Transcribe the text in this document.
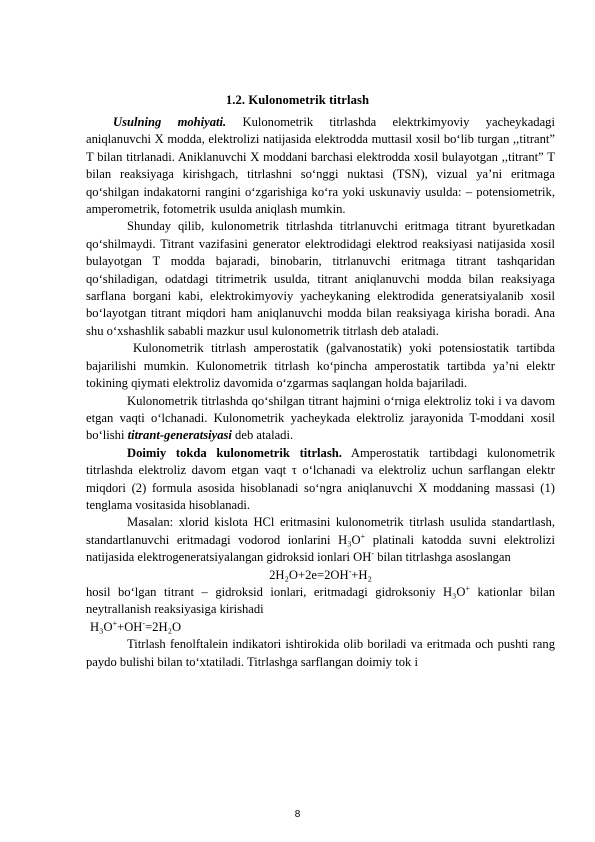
1.2. Kulonometrik titrlash

Usulning mohiyati. Kulonometrik titrlashda elektrkimyoviy yacheykadagi aniqlanuvchi X modda, elektrolizi natijasida elektrodda muttasil xosil bo‘lib turgan ,,titrant” T bilan titrlanadi. Aniklanuvchi X moddani barchasi elektrodda xosil bulayotgan ,,titrant” T bilan reaksiyaga kirishgach, titrlashni so‘nggi nuktasi (TSN), vizual ya’ni eritmaga qo‘shilgan indakatorni rangini o‘zgarishiga ko‘ra yoki uskunaviy usulda: – potensiometrik, amperometrik, fotometrik usulda aniqlash mumkin.

Shunday qilib, kulonometrik titrlashda titrlanuvchi eritmaga titrant byuretkadan qo‘shilmaydi. Titrant vazifasini generator elektrodidagi elektrod reaksiyasi natijasida xosil bulayotgan T modda bajaradi, binobarin, titrlanuvchi eritmaga titrant tashqaridan qo‘shiladigan, odatdagi titrimetrik usulda, titrant aniqlanuvchi modda bilan reaksiyaga sarflana borgani kabi, elektrokimyoviy yacheykaning elektrodida generatsiyalanib xosil bo‘layotgan titrant miqdori ham aniqlanuvchi modda bilan reaksiyaga kirisha boradi. Ana shu o‘xshashlik sababli mazkur usul kulonometrik titrlash deb ataladi.

Kulonometrik titrlash amperostatik (galvanostatik) yoki potensiostatik tartibda bajarilishi mumkin. Kulonometrik titrlash ko‘pincha amperostatik tartibda ya’ni elektr tokining qiymati elektroliz davomida o‘zgarmas saqlangan holda bajariladi.

Kulonometrik titrlashda qo‘shilgan titrant hajmini o‘rniga elektroliz toki i va davom etgan vaqti o‘lchanadi. Kulonometrik yacheykada elektroliz jarayonida T-moddani xosil bo‘lishi titrant-generatsiyasi deb ataladi.

Doimiy tokda kulonometrik titrlash. Amperostatik tartibdagi kulonometrik titrlashda elektroliz davom etgan vaqt τ o‘lchanadi va elektroliz uchun sarflangan elektr miqdori (2) formula asosida hisoblanadi so‘ngra aniqlanuvchi X moddaning massasi (1) tenglama vositasida hisoblanadi.

Masalan: xlorid kislota HCl eritmasini kulonometrik titrlash usulida standartlash, standartlanuvchi eritmadagi vodorod ionlarini H₃O+ platinali katodda suvni elektrolizi natijasida elektrogeneratsiyalangan gidroksid ionlari OH- bilan titrlashga asoslangan

2H₂O+2e=2OH-+H₂

hosil bo‘lgan titrant – gidroksid ionlari, eritmadagi gidroksoniy H₃O+ kationlar bilan neytrallanish reaksiyasiga kirishadi

H₃O++OH-=2H₂O

Titrlash fenolftalein indikatori ishtirokida olib boriladi va eritmada och pushti rang paydo bulishi bilan to‘xtatiladi. Titrlashga sarflangan doimiy tok i

8
